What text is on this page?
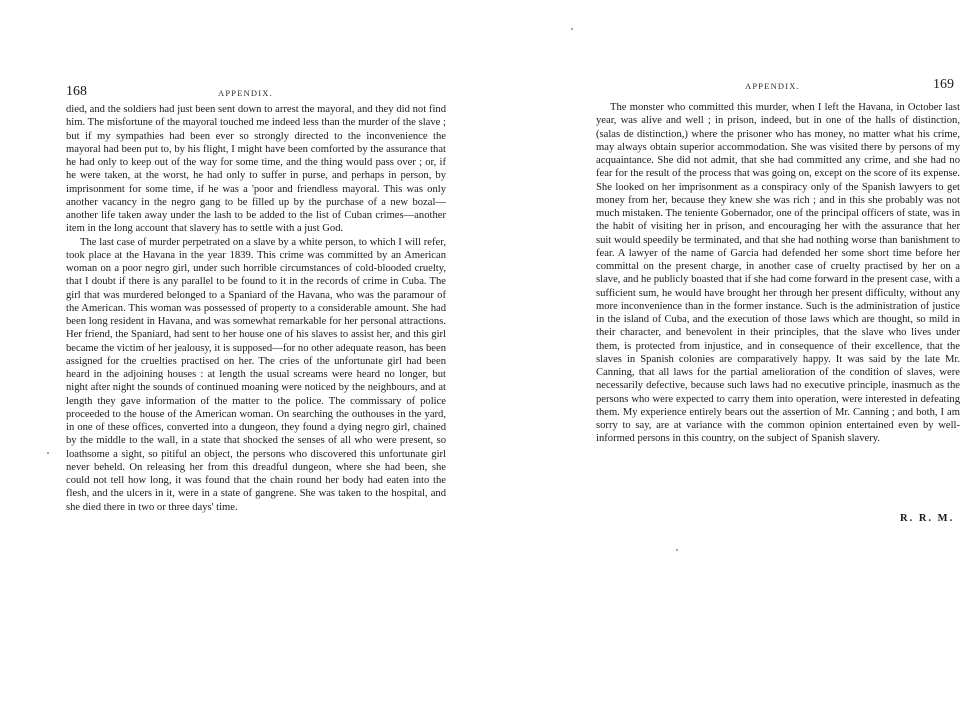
168	APPENDIX.

died, and the soldiers had just been sent down to arrest the mayoral, and they did not find him. The misfortune of the mayoral touched me indeed less than the murder of the slave ; but if my sympathies had been ever so strongly directed to the inconvenience the mayoral had been put to, by his flight, I might have been comforted by the assurance that he had only to keep out of the way for some time, and the thing would pass over ; or, if he were taken, at the worst, he had only to suffer in purse, and perhaps in person, by imprisonment for some time, if he was a 'poor and friendless mayoral. This was only another vacancy in the negro gang to be filled up by the purchase of a new bozal—another life taken away under the lash to be added to the list of Cuban crimes—another item in the long account that slavery has to settle with a just God.

The last case of murder perpetrated on a slave by a white person, to which I will refer, took place at the Havana in the year 1839. This crime was committed by an American woman on a poor negro girl, under such horrible circumstances of cold-blooded cruelty, that I doubt if there is any parallel to be found to it in the records of crime in Cuba. The girl that was murdered belonged to a Spaniard of the Havana, who was the paramour of the American. This woman was possessed of property to a considerable amount. She had been long resident in Havana, and was somewhat remarkable for her personal attractions. Her friend, the Spaniard, had sent to her house one of his slaves to assist her, and this girl became the victim of her jealousy, it is supposed—for no other adequate reason, has been assigned for the cruelties practised on her. The cries of the unfortunate girl had been heard in the adjoining houses : at length the usual screams were heard no longer, but night after night the sounds of continued moaning were noticed by the neighbours, and at length they gave information of the matter to the police. The commissary of police proceeded to the house of the American woman. On searching the outhouses in the yard, in one of these offices, converted into a dungeon, they found a dying negro girl, chained by the middle to the wall, in a state that shocked the senses of all who were present, so loathsome a sight, so pitiful an object, the persons who discovered this unfortunate girl never beheld. On releasing her from this dreadful dungeon, where she had been, she could not tell how long, it was found that the chain round her body had eaten into the flesh, and the ulcers in it, were in a state of gangrene. She was taken to the hospital, and she died there in two or three days' time.

APPENDIX.	169

The monster who committed this murder, when I left the Havana, in October last year, was alive and well ; in prison, indeed, but in one of the halls of distinction, (salas de distinction,) where the prisoner who has money, no matter what his crime, may always obtain superior accommodation. She was visited there by persons of my acquaintance. She did not admit, that she had committed any crime, and she had no fear for the result of the process that was going on, except on the score of its expense. She looked on her imprisonment as a conspiracy only of the Spanish lawyers to get money from her, because they knew she was rich ; and in this she probably was not much mistaken. The teniente Gobernador, one of the principal officers of state, was in the habit of visiting her in prison, and encouraging her with the assurance that her suit would speedily be terminated, and that she had nothing worse than banishment to fear. A lawyer of the name of Garcia had defended her some short time before her committal on the present charge, in another case of cruelty practised by her on a slave, and he publicly boasted that if she had come forward in the present case, with a sufficient sum, he would have brought her through her present difficulty, without any more inconvenience than in the former instance. Such is the administration of justice in the island of Cuba, and the execution of those laws which are thought, so mild in their character, and benevolent in their principles, that the slave who lives under them, is protected from injustice, and in consequence of their excellence, that the slaves in Spanish colonies are comparatively happy. It was said by the late Mr. Canning, that all laws for the partial amelioration of the condition of slaves, were necessarily defective, because such laws had no executive principle, inasmuch as the persons who were expected to carry them into operation, were interested in defeating them. My experience entirely bears out the assertion of Mr. Canning ; and both, I am sorry to say, are at variance with the common opinion entertained even by well-informed persons in this country, on the subject of Spanish slavery.

R. R. M.
